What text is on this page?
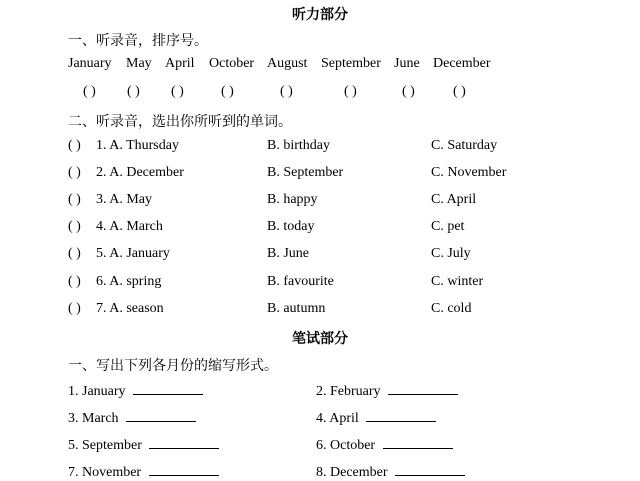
听力部分
一、听录音，排序号。
January May April October August September June December
( ) ( ) ( )	( )	( )	( )	( )	( )
二、听录音，选出你所听到的单词。
( ) 1. A. Thursday	B. birthday	C. Saturday
( ) 2. A. December	B. September	C. November
( ) 3. A. May	B. happy	C. April
( ) 4. A. March	B. today	C. pet
( ) 5. A. January	B. June	C. July
( ) 6. A. spring	B. favourite	C. winter
( ) 7. A. season	B. autumn	C. cold
笔试部分
一、写出下列各月份的缩写形式。
1. January	2. February
3. March	4. April
5. September	6. October
7. November	8. December
